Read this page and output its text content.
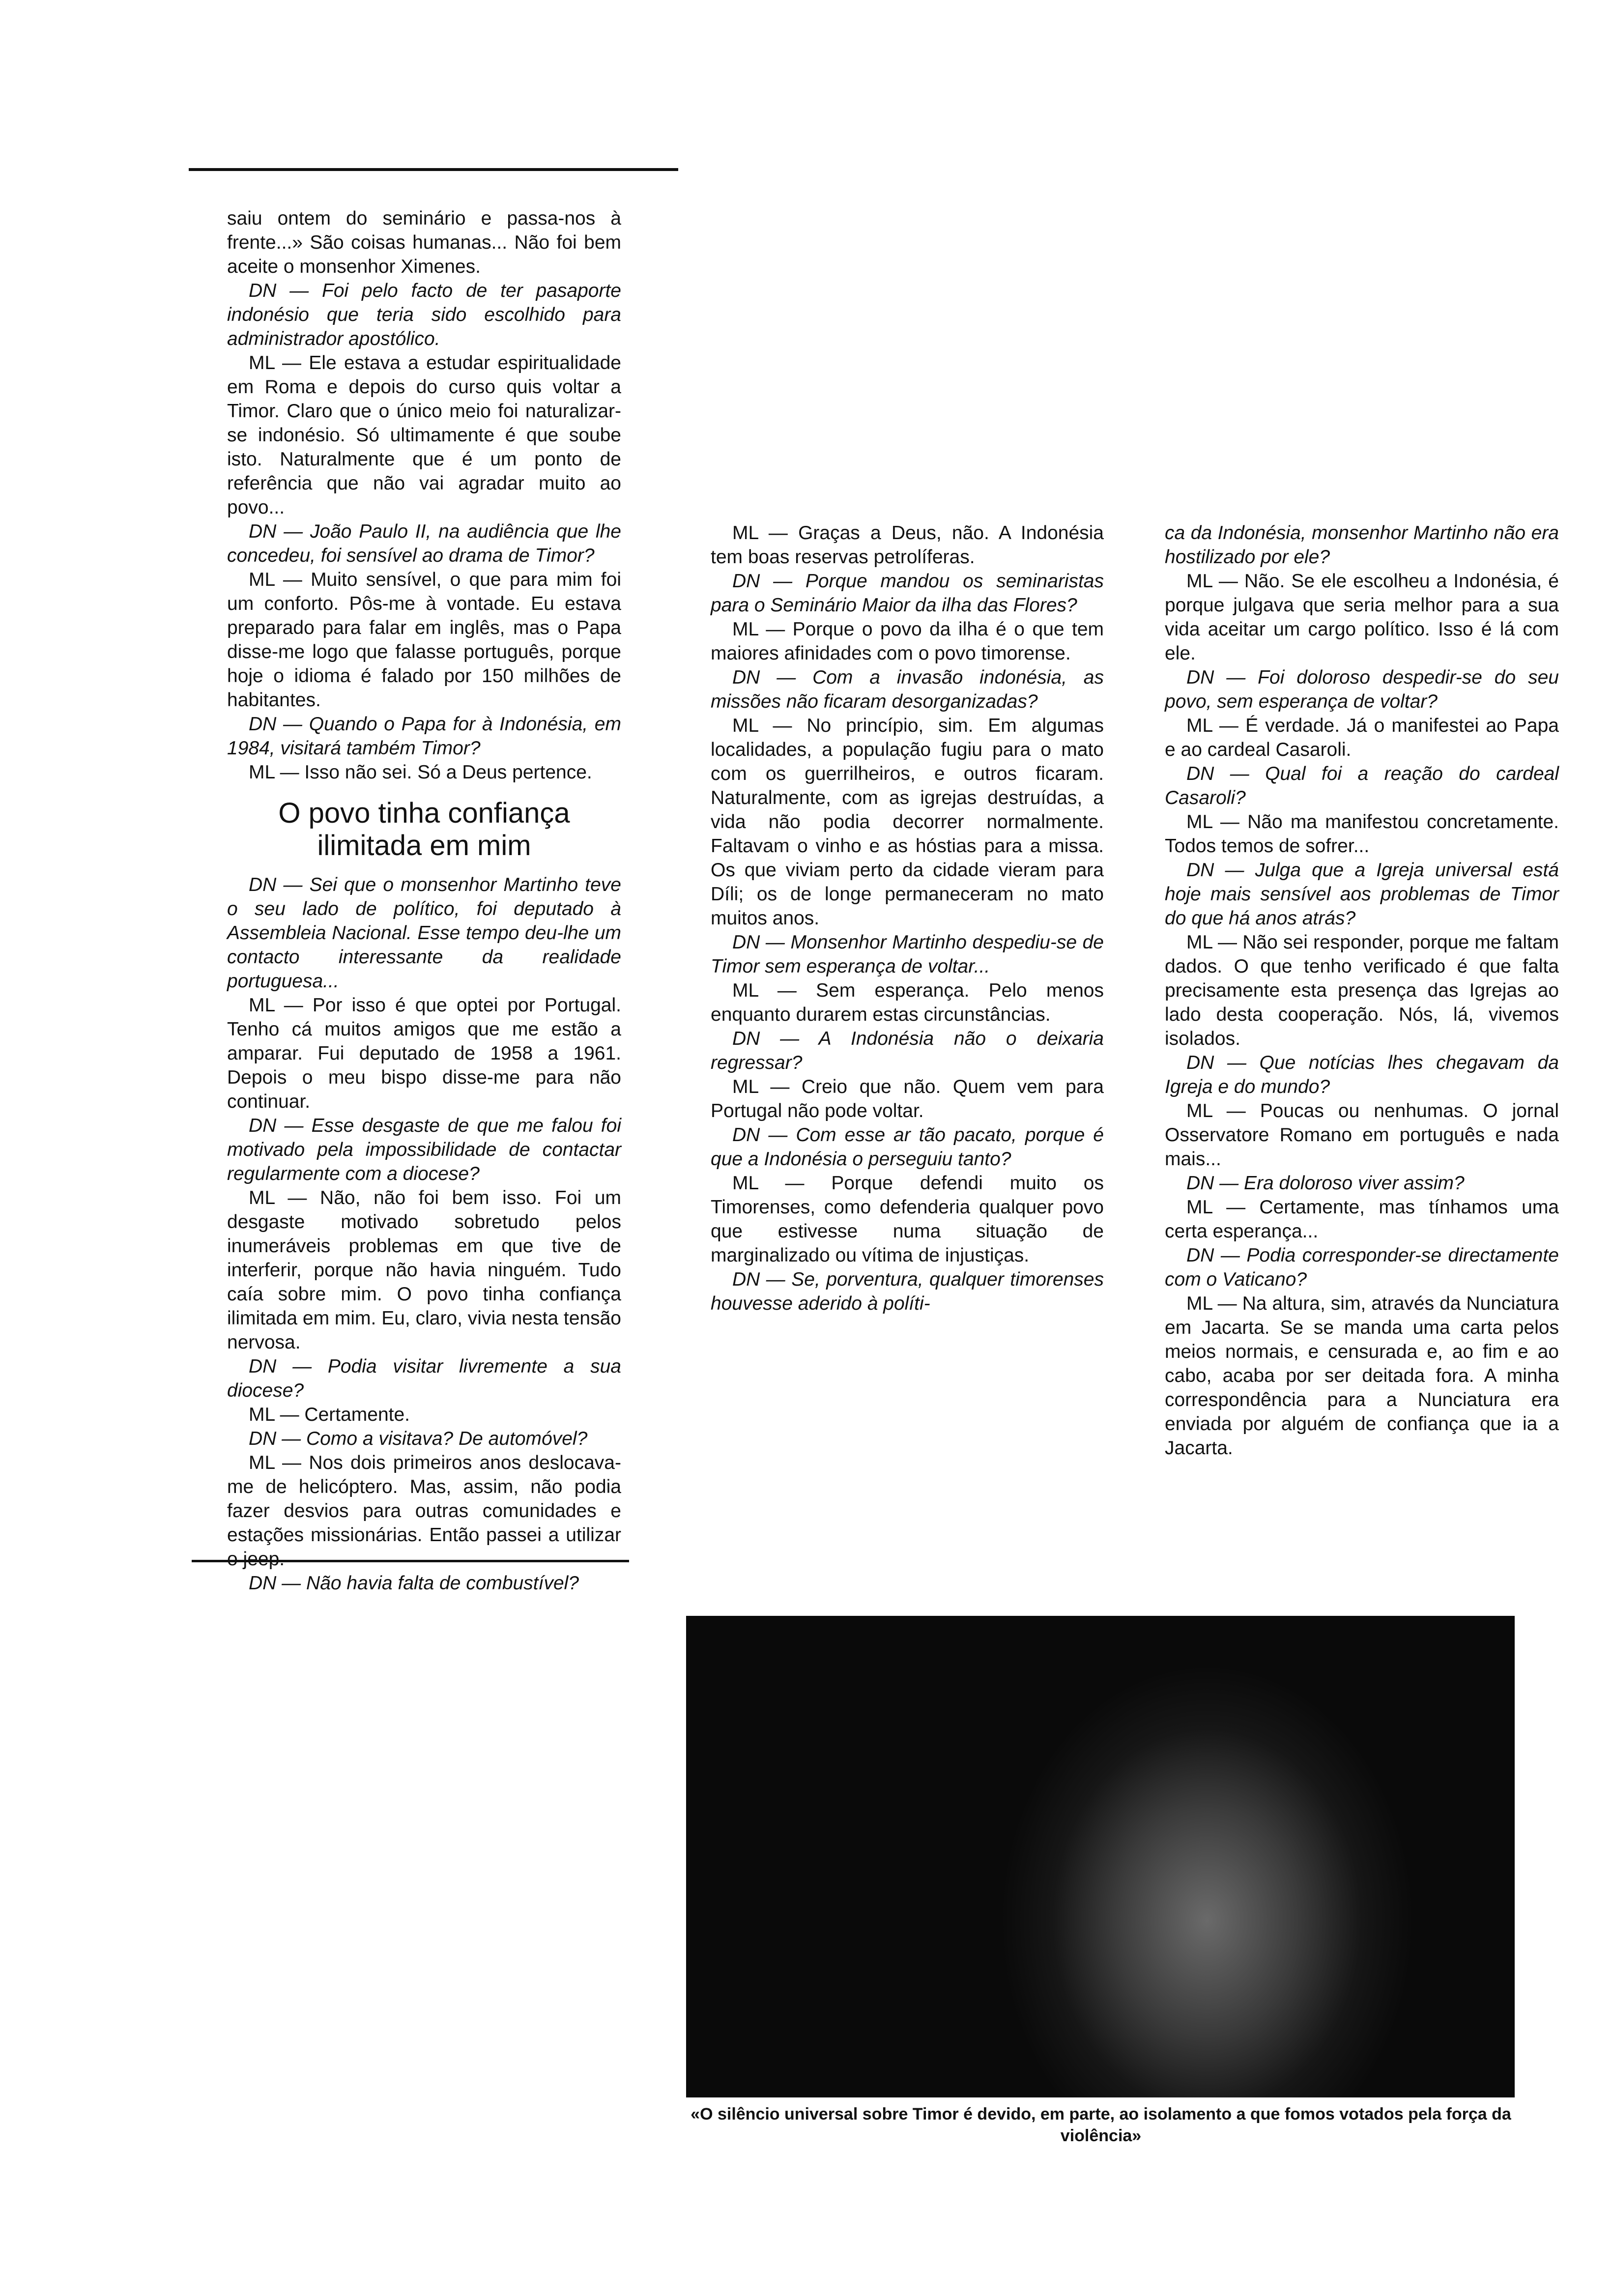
saiu ontem do seminário e passa-nos à frente...» São coisas humanas... Não foi bem aceite o monsenhor Ximenes.

DN — Foi pelo facto de ter pasaporte indonésio que teria sido escolhido para administrador apostólico.

ML — Ele estava a estudar espiritualidade em Roma e depois do curso quis voltar a Timor. Claro que o único meio foi naturalizar-se indonésio. Só ultimamente é que soube isto. Naturalmente que é um ponto de referência que não vai agradar muito ao povo...

DN — João Paulo II, na audiência que lhe concedeu, foi sensível ao drama de Timor?

ML — Muito sensível, o que para mim foi um conforto. Pôs-me à vontade. Eu estava preparado para falar em inglês, mas o Papa disse-me logo que falasse português, porque hoje o idioma é falado por 150 milhões de habitantes.

DN — Quando o Papa for à Indonésia, em 1984, visitará também Timor?

ML — Isso não sei. Só a Deus pertence.

O povo tinha confiança ilimitada em mim

DN — Sei que o monsenhor Martinho teve o seu lado de político, foi deputado à Assembleia Nacional. Esse tempo deu-lhe um contacto interessante da realidade portuguesa...

ML — Por isso é que optei por Portugal. Tenho cá muitos amigos que me estão a amparar. Fui deputado de 1958 a 1961. Depois o meu bispo disse-me para não continuar.

DN — Esse desgaste de que me falou foi motivado pela impossibilidade de contactar regularmente com a diocese?

ML — Não, não foi bem isso. Foi um desgaste motivado sobretudo pelos inumeráveis problemas em que tive de interferir, porque não havia ninguém. Tudo caía sobre mim. O povo tinha confiança ilimitada em mim. Eu, claro, vivia nesta tensão nervosa.

DN — Podia visitar livremente a sua diocese?

ML — Certamente.

DN — Como a visitava? De automóvel?

ML — Nos dois primeiros anos deslocava-me de helicóptero. Mas, assim, não podia fazer desvios para outras comunidades e estações missionárias. Então passei a utilizar o jeep.

DN — Não havia falta de combustível?

ML — Graças a Deus, não. A Indonésia tem boas reservas petrolíferas.

DN — Porque mandou os seminaristas para o Seminário Maior da ilha das Flores?

ML — Porque o povo da ilha é o que tem maiores afinidades com o povo timorense.

DN — Com a invasão indonésia, as missões não ficaram desorganizadas?

ML — No princípio, sim. Em algumas localidades, a população fugiu para o mato com os guerrilheiros, e outros ficaram. Naturalmente, com as igrejas destruídas, a vida não podia decorrer normalmente. Faltavam o vinho e as hóstias para a missa. Os que viviam perto da cidade vieram para Díli; os de longe permaneceram no mato muitos anos.

DN — Monsenhor Martinho despediu-se de Timor sem esperança de voltar...

ML — Sem esperança. Pelo menos enquanto durarem estas circunstâncias.

DN — A Indonésia não o deixaria regressar?

ML — Creio que não. Quem vem para Portugal não pode voltar.

DN — Com esse ar tão pacato, porque é que a Indonésia o perseguiu tanto?

ML — Porque defendi muito os Timorenses, como defenderia qualquer povo que estivesse numa situação de marginalizado ou vítima de injustiças.

DN — Se, porventura, qualquer timorenses houvesse aderido à políti-

ca da Indonésia, monsenhor Martinho não era hostilizado por ele?

ML — Não. Se ele escolheu a Indonésia, é porque julgava que seria melhor para a sua vida aceitar um cargo político. Isso é lá com ele.

DN — Foi doloroso despedir-se do seu povo, sem esperança de voltar?

ML — É verdade. Já o manifestei ao Papa e ao cardeal Casaroli.

DN — Qual foi a reação do cardeal Casaroli?

ML — Não ma manifestou concretamente. Todos temos de sofrer...

DN — Julga que a Igreja universal está hoje mais sensível aos problemas de Timor do que há anos atrás?

ML — Não sei responder, porque me faltam dados. O que tenho verificado é que falta precisamente esta presença das Igrejas ao lado desta cooperação. Nós, lá, vivemos isolados.

DN — Que notícias lhes chegavam da Igreja e do mundo?

ML — Poucas ou nenhumas. O jornal Osservatore Romano em português e nada mais...

DN — Era doloroso viver assim?

ML — Certamente, mas tínhamos uma certa esperança...

DN — Podia corresponder-se directamente com o Vaticano?

ML — Na altura, sim, através da Nunciatura em Jacarta. Se se manda uma carta pelos meios normais, e censurada e, ao fim e ao cabo, acaba por ser deitada fora. A minha correspondência para a Nunciatura era enviada por alguém de confiança que ia a Jacarta.

«O silêncio universal sobre Timor é devido, em parte, ao isolamento a que fomos votados pela força da violência»
